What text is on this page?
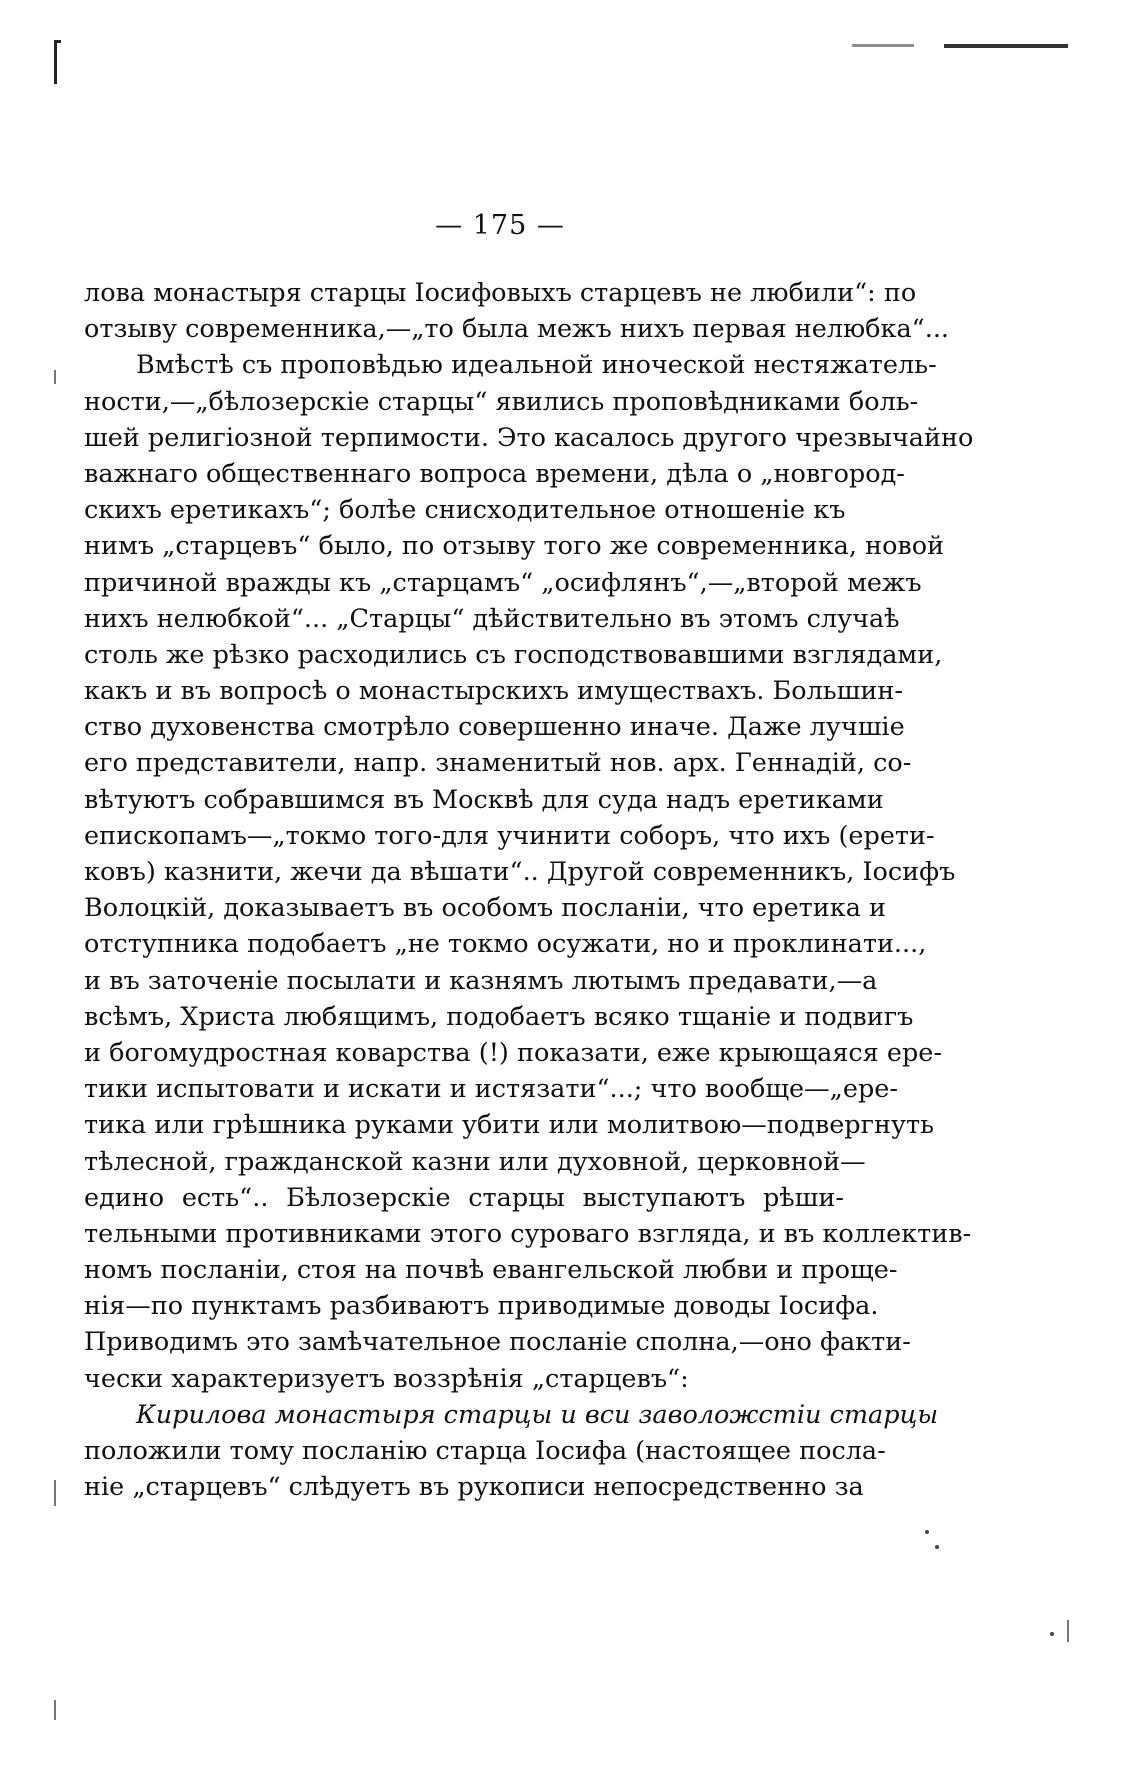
— 175 —
лова монастыря старцы Іосифовыхъ старцевъ не любили“: по
отзыву современника,—„то была межъ нихъ первая нелюбка“...
Вмѣстѣ съ проповѣдью идеальной иноческой нестяжатель-
ности,—„бѣлозерскіе старцы“ явились проповѣдниками боль-
шей религіозной терпимости. Это касалось другого чрезвычайно
важнаго общественнаго вопроса времени, дѣла о „новгород-
скихъ еретикахъ“; болѣе снисходительное отношеніе къ
нимъ „старцевъ“ было, по отзыву того же современника, новой
причиной вражды къ „старцамъ“ „осифлянъ“,—„второй межъ
нихъ нелюбкой“... „Старцы“ дѣйствительно въ этомъ случаѣ
столь же рѣзко расходились съ господствовавшими взглядами,
какъ и въ вопросѣ о монастырскихъ имуществахъ. Большин-
ство духовенства смотрѣло совершенно иначе. Даже лучшіе
его представители, напр. знаменитый нов. арх. Геннадій, со-
вѣтуютъ собравшимся въ Москвѣ для суда надъ еретиками
епископамъ—„токмо того-для учинити соборъ, что ихъ (ерети-
ковъ) казнити, жечи да вѣшати“.. Другой современникъ, Іосифъ
Волоцкій, доказываетъ въ особомъ посланіи, что еретика и
отступника подобаетъ „не токмо осужати, но и проклинати...,
и въ заточеніе посылати и казнямъ лютымъ предавати,—а
всѣмъ, Христа любящимъ, подобаетъ всяко тщаніе и подвигъ
и богомудростная коварства (!) показати, еже крыющаяся ере-
тики испытовати и искати и истязати“...; что вообще—„ере-
тика или грѣшника руками убити или молитвою—подвергнуть
тѣлесной, гражданской казни или духовной, церковной—
едино есть“.. Бѣлозерскіе старцы выступаютъ рѣши-
тельными противниками этого суроваго взгляда, и въ коллектив-
номъ посланіи, стоя на почвѣ евангельской любви и проще-
нія—по пунктамъ разбиваютъ приводимые доводы Іосифа.
Приводимъ это замѣчательное посланіе сполна,—оно факти-
чески характеризуетъ воззрѣнія „старцевъ“:
Кирилова монастыря старцы и вси заволожстіи старцы
положили тому посланію старца Іосифа (настоящее посла-
ніе „старцевъ“ слѣдуетъ въ рукописи непосредственно за
